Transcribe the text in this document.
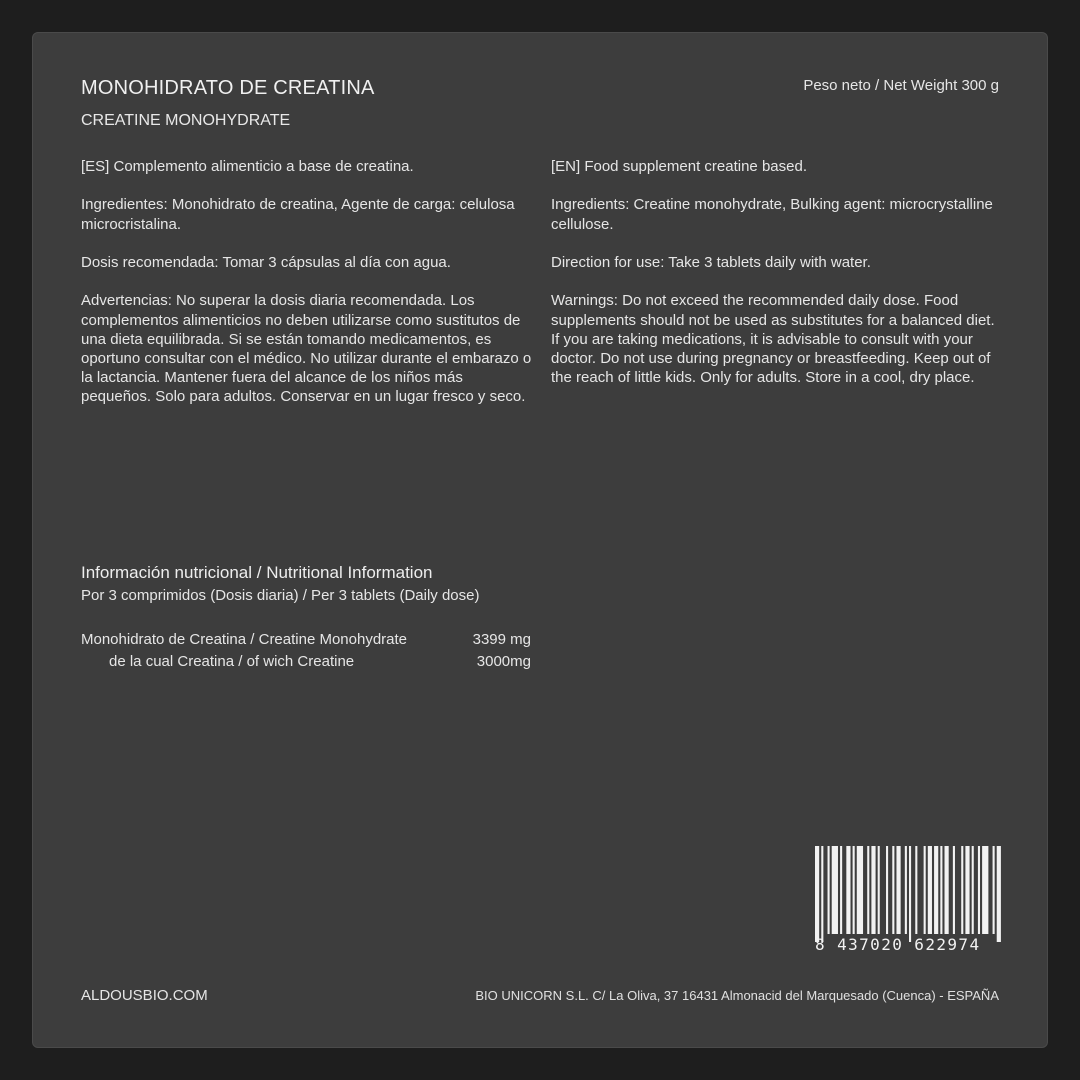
MONOHIDRATO DE CREATINA
CREATINE MONOHYDRATE
Peso neto / Net Weight 300 g

[ES] Complemento alimenticio a base de creatina.

Ingredientes: Monohidrato de creatina, Agente de carga: celulosa microcristalina.

Dosis recomendada: Tomar 3 cápsulas al día con agua.

Advertencias: No superar la dosis diaria recomendada. Los complementos alimenticios no deben utilizarse como sustitutos de una dieta equilibrada. Si se están tomando medicamentos, es oportuno consultar con el médico. No utilizar durante el embarazo o la lactancia. Mantener fuera del alcance de los niños más pequeños. Solo para adultos. Conservar en un lugar fresco y seco.

[EN] Food supplement creatine based.

Ingredients: Creatine monohydrate, Bulking agent: microcrystalline cellulose.

Direction for use: Take 3 tablets daily with water.

Warnings: Do not exceed the recommended daily dose. Food supplements should not be used as substitutes for a balanced diet. If you are taking medications, it is advisable to consult with your doctor. Do not use during pregnancy or breastfeeding. Keep out of the reach of little kids. Only for adults. Store in a cool, dry place.

Información nutricional / Nutritional Information
Por 3 comprimidos (Dosis diaria) / Per 3 tablets (Daily dose)
Monohidrato de Creatina / Creatine Monohydrate	3399 mg
de la cual Creatina / of wich Creatine	3000mg
8 437020 622974
ALDOUSBIO.COM	BIO UNICORN S.L. C/ La Oliva, 37 16431 Almonacid del Marquesado (Cuenca) - ESPAÑA
